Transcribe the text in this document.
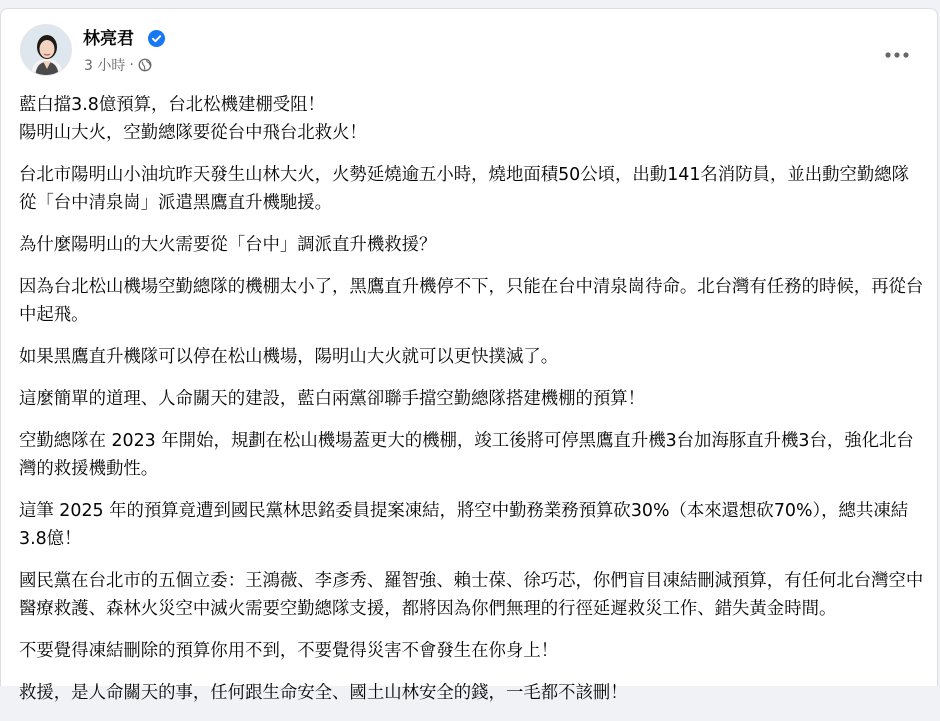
林亮君
3 小時 ·

藍白擋3.8億預算，台北松機建棚受阻！
陽明山大火，空勤總隊要從台中飛台北救火！

台北市陽明山小油坑昨天發生山林大火，火勢延燒逾五小時，燒地面積50公頃，出動141名消防員，並出動空勤總隊從「台中清泉崗」派遣黑鷹直升機馳援。

為什麼陽明山的大火需要從「台中」調派直升機救援？

因為台北松山機場空勤總隊的機棚太小了，黑鷹直升機停不下，只能在台中清泉崗待命。北台灣有任務的時候，再從台中起飛。

如果黑鷹直升機隊可以停在松山機場，陽明山大火就可以更快撲滅了。

這麼簡單的道理、人命關天的建設，藍白兩黨卻聯手擋空勤總隊搭建機棚的預算！

空勤總隊在 2023 年開始，規劃在松山機場蓋更大的機棚，竣工後將可停黑鷹直升機3台加海豚直升機3台，強化北台灣的救援機動性。

這筆 2025 年的預算竟遭到國民黨林思銘委員提案凍結，將空中勤務業務預算砍30%（本來還想砍70%），總共凍結3.8億！

國民黨在台北市的五個立委：王鴻薇、李彥秀、羅智強、賴士葆、徐巧芯，你們盲目凍結刪減預算，有任何北台灣空中醫療救護、森林火災空中滅火需要空勤總隊支援，都將因為你們無理的行徑延遲救災工作、錯失黃金時間。

不要覺得凍結刪除的預算你用不到，不要覺得災害不會發生在你身上！

救援，是人命關天的事，任何跟生命安全、國土山林安全的錢，一毛都不該刪！
